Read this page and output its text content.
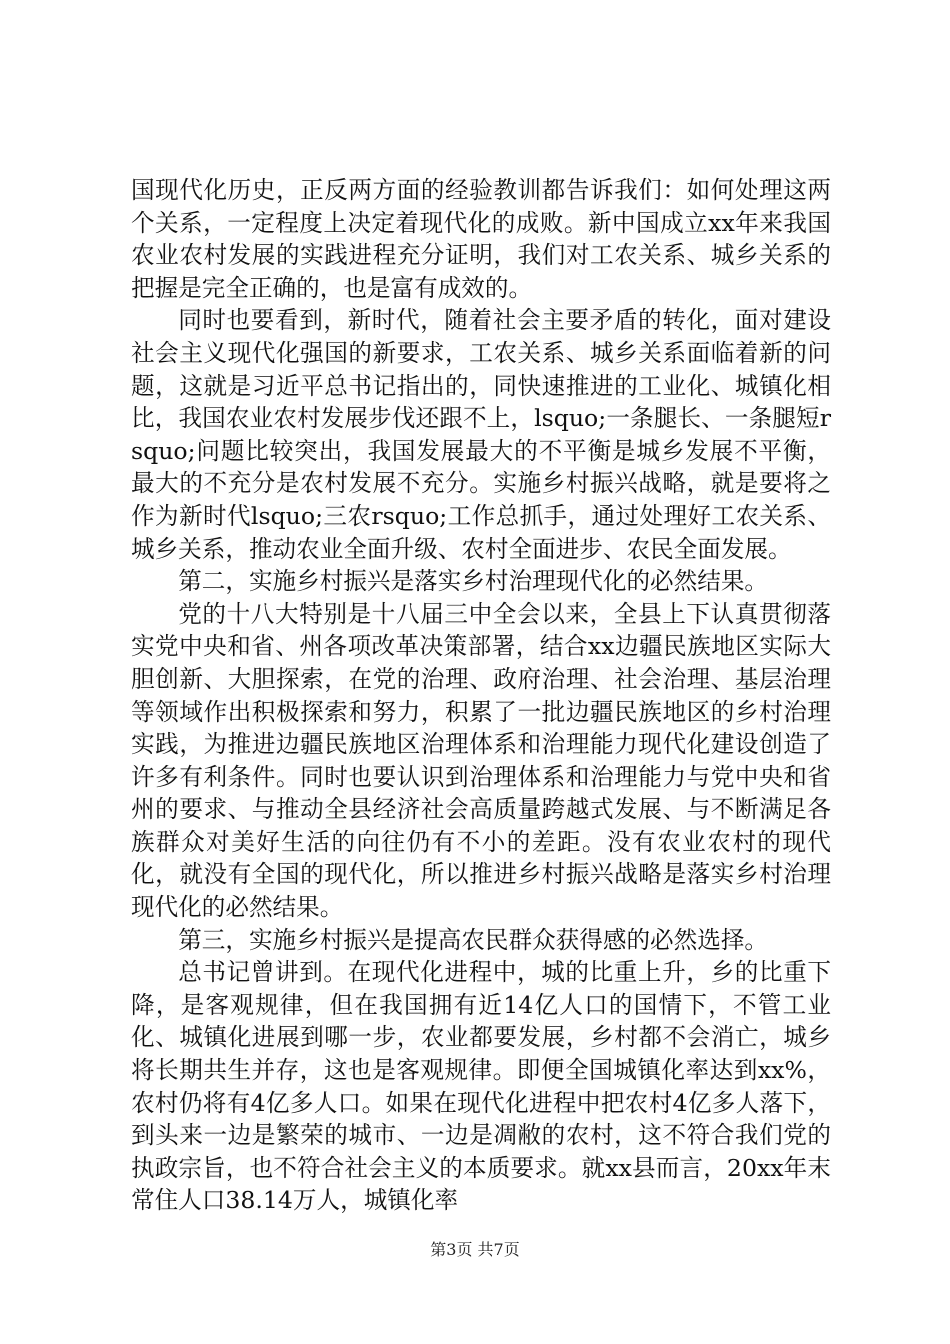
国现代化历史，正反两方面的经验教训都告诉我们：如何处理这两个关系，一定程度上决定着现代化的成败。新中国成立xx年来我国农业农村发展的实践进程充分证明，我们对工农关系、城乡关系的把握是完全正确的，也是富有成效的。

同时也要看到，新时代，随着社会主要矛盾的转化，面对建设社会主义现代化强国的新要求，工农关系、城乡关系面临着新的问题，这就是习近平总书记指出的，同快速推进的工业化、城镇化相比，我国农业农村发展步伐还跟不上，lsquo;一条腿长、一条腿短rsquo;问题比较突出，我国发展最大的不平衡是城乡发展不平衡，最大的不充分是农村发展不充分。实施乡村振兴战略，就是要将之作为新时代lsquo;三农rsquo;工作总抓手，通过处理好工农关系、城乡关系，推动农业全面升级、农村全面进步、农民全面发展。

第二，实施乡村振兴是落实乡村治理现代化的必然结果。

党的十八大特别是十八届三中全会以来，全县上下认真贯彻落实党中央和省、州各项改革决策部署，结合xx边疆民族地区实际大胆创新、大胆探索，在党的治理、政府治理、社会治理、基层治理等领域作出积极探索和努力，积累了一批边疆民族地区的乡村治理实践，为推进边疆民族地区治理体系和治理能力现代化建设创造了许多有利条件。同时也要认识到治理体系和治理能力与党中央和省州的要求、与推动全县经济社会高质量跨越式发展、与不断满足各族群众对美好生活的向往仍有不小的差距。没有农业农村的现代化，就没有全国的现代化，所以推进乡村振兴战略是落实乡村治理现代化的必然结果。

第三，实施乡村振兴是提高农民群众获得感的必然选择。

总书记曾讲到。在现代化进程中，城的比重上升，乡的比重下降，是客观规律，但在我国拥有近14亿人口的国情下，不管工业化、城镇化进展到哪一步，农业都要发展，乡村都不会消亡，城乡将长期共生并存，这也是客观规律。即便全国城镇化率达到xx%，农村仍将有4亿多人口。如果在现代化进程中把农村4亿多人落下，到头来一边是繁荣的城市、一边是凋敝的农村，这不符合我们党的执政宗旨，也不符合社会主义的本质要求。就xx县而言，20xx年末常住人口38.14万人，城镇化率

第3页 共7页
